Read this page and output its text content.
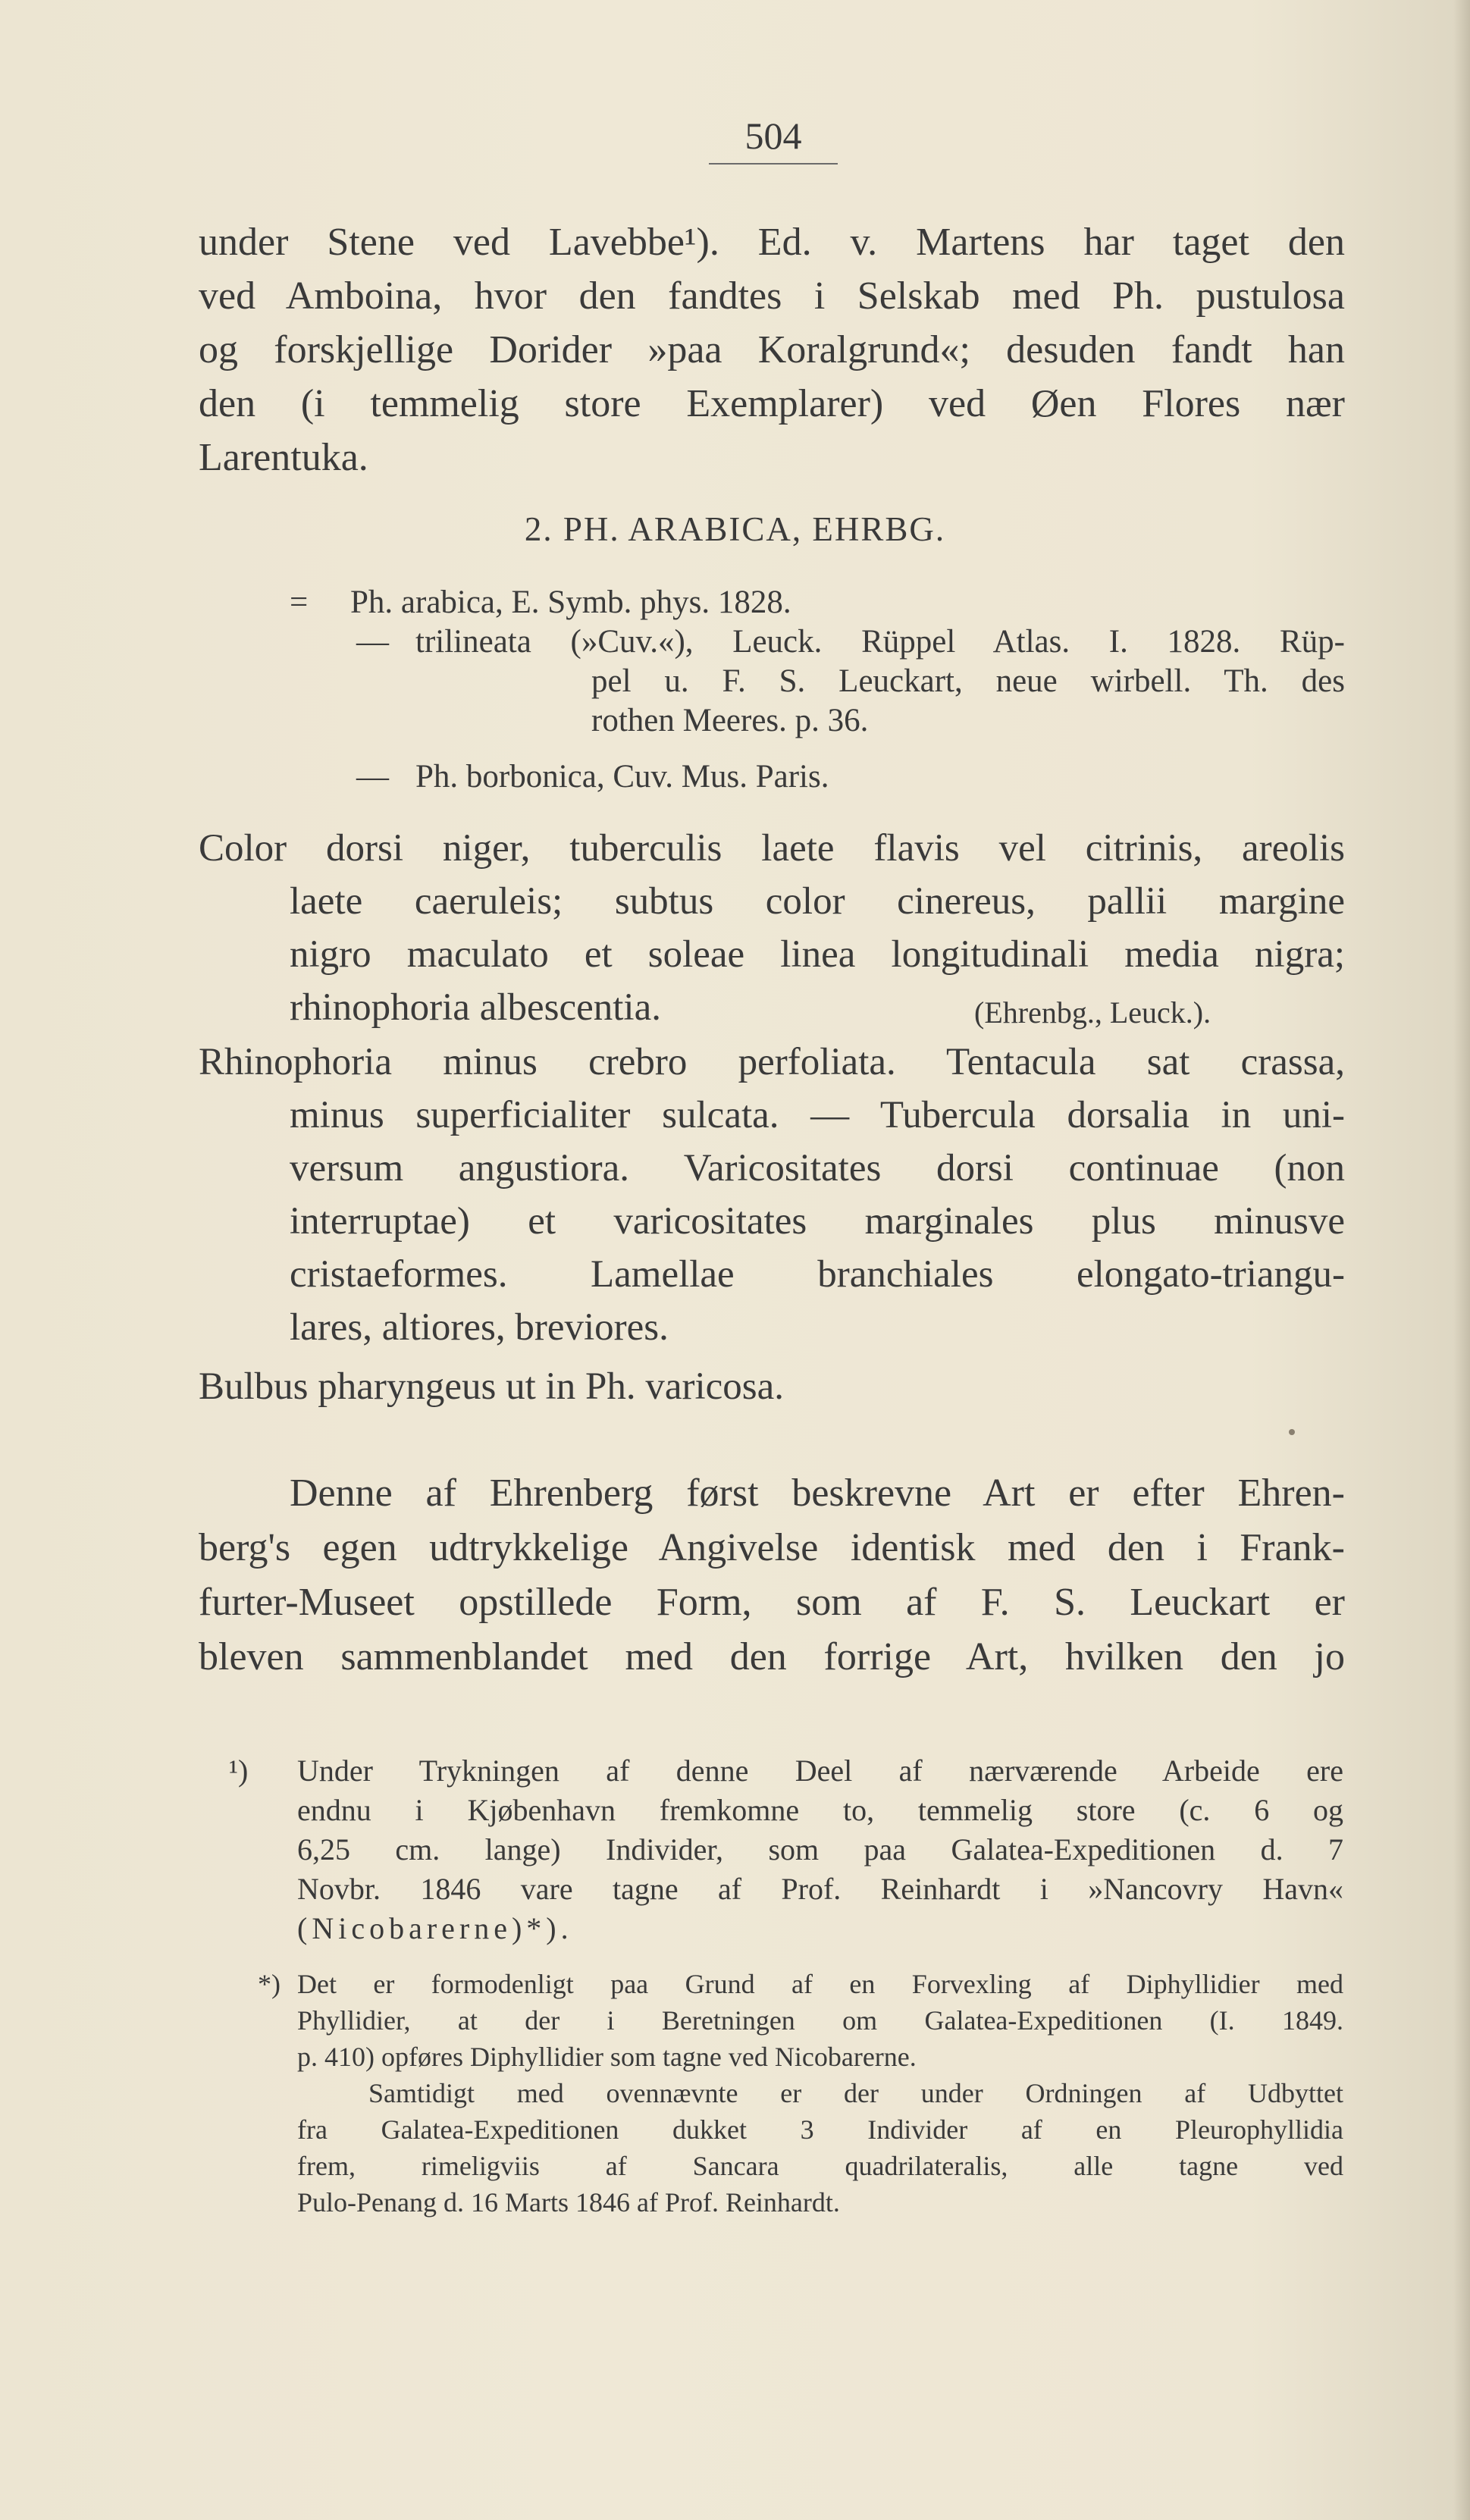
504
under Stene ved Lavebbe¹). Ed. v. Martens har taget den
ved Amboina, hvor den fandtes i Selskab med Ph. pustulosa
og forskjellige Dorider »paa Koralgrund«; desuden fandt han
den (i temmelig store Exemplarer) ved Øen Flores nær
Larentuka.
2. PH. ARABICA, EHRBG.
= Ph. arabica, E. Symb. phys. 1828.
— trilineata (»Cuv.«), Leuck. Rüppel Atlas. I. 1828. Rüp-
pel u. F. S. Leuckart, neue wirbell. Th. des
rothen Meeres. p. 36.
— Ph. borbonica, Cuv. Mus. Paris.
Color dorsi niger, tuberculis laete flavis vel citrinis, areolis
laete caeruleis; subtus color cinereus, pallii margine
nigro maculato et soleae linea longitudinali media nigra;
rhinophoria albescentia.	(Ehrenbg., Leuck.).
Rhinophoria minus crebro perfoliata. Tentacula sat crassa,
minus superficialiter sulcata. — Tubercula dorsalia in uni-
versum angustiora. Varicositates dorsi continuae (non
interruptae) et varicositates marginales plus minusve
cristaeformes. Lamellae branchiales elongato-triangu-
lares, altiores, breviores.
Bulbus pharyngeus ut in Ph. varicosa.
Denne af Ehrenberg først beskrevne Art er efter Ehren-
berg's egen udtrykkelige Angivelse identisk med den i Frank-
furter-Museet opstillede Form, som af F. S. Leuckart er
bleven sammenblandet med den forrige Art, hvilken den jo
¹) Under Trykningen af denne Deel af nærværende Arbeide ere
endnu i Kjøbenhavn fremkomne to, temmelig store (c. 6 og
6,25 cm. lange) Individer, som paa Galatea-Expeditionen d. 7
Novbr. 1846 vare tagne af Prof. Reinhardt i »Nancovry Havn«
(Nicobarerne)*).
*) Det er formodenligt paa Grund af en Forvexling af Diphyllidier med
Phyllidier, at der i Beretningen om Galatea-Expeditionen (I. 1849.
p. 410) opføres Diphyllidier som tagne ved Nicobarerne.
Samtidigt med ovennævnte er der under Ordningen af Udbyttet
fra Galatea-Expeditionen dukket 3 Individer af en Pleurophyllidia
frem, rimeligviis af Sancara quadrilateralis, alle tagne ved
Pulo-Penang d. 16 Marts 1846 af Prof. Reinhardt.
